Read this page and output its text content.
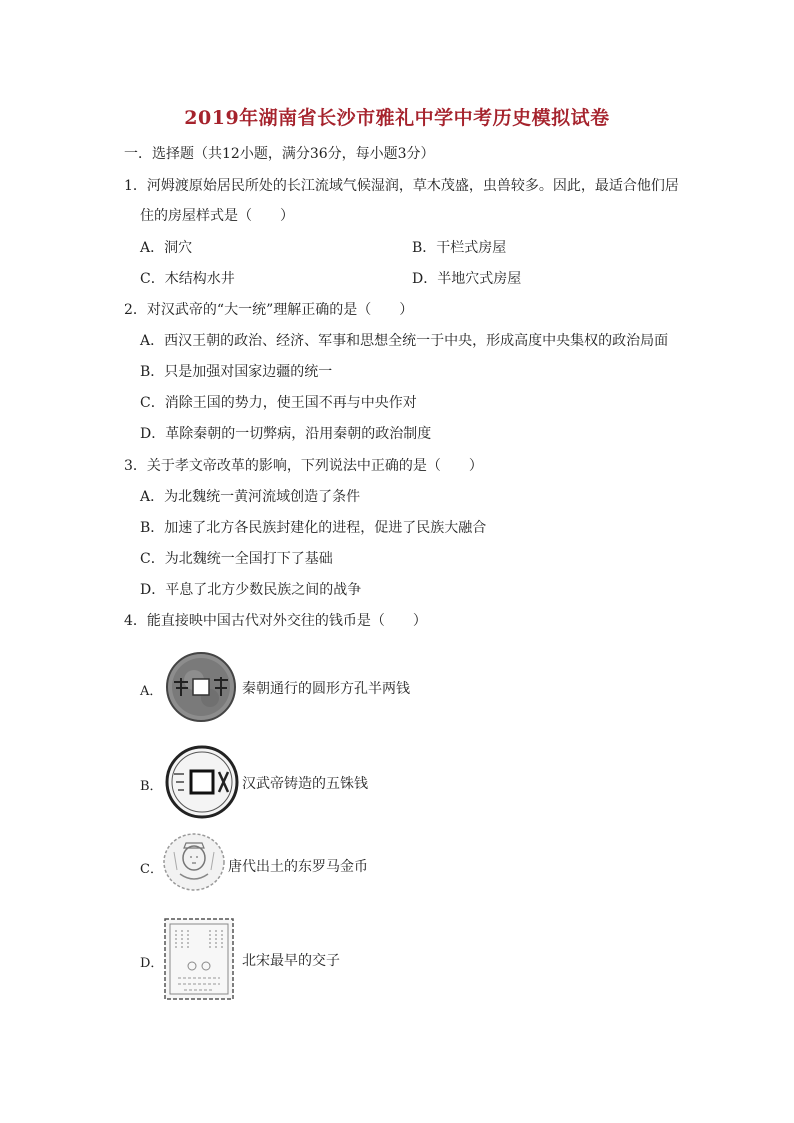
2019年湖南省长沙市雅礼中学中考历史模拟试卷
一．选择题（共12小题，满分36分，每小题3分）
1．河姆渡原始居民所处的长江流域气候湿润，草木茂盛，虫兽较多。因此，最适合他们居
住的房屋样式是（　　）
A．洞穴	B．干栏式房屋
C．木结构水井	D．半地穴式房屋
2．对汉武帝的“大一统”理解正确的是（　　）
A．西汉王朝的政治、经济、军事和思想全统一于中央，形成高度中央集权的政治局面
B．只是加强对国家边疆的统一
C．消除王国的势力，使王国不再与中央作对
D．革除秦朝的一切弊病，沿用秦朝的政治制度
3．关于孝文帝改革的影响，下列说法中正确的是（　　）
A．为北魏统一黄河流域创造了条件
B．加速了北方各民族封建化的进程，促进了民族大融合
C．为北魏统一全国打下了基础
D．平息了北方少数民族之间的战争
4．能直接映中国古代对外交往的钱币是（　　）
A．	秦朝通行的圆形方孔半两钱
B．	汉武帝铸造的五铢钱
C．	唐代出土的东罗马金币
D．	北宋最早的交子
